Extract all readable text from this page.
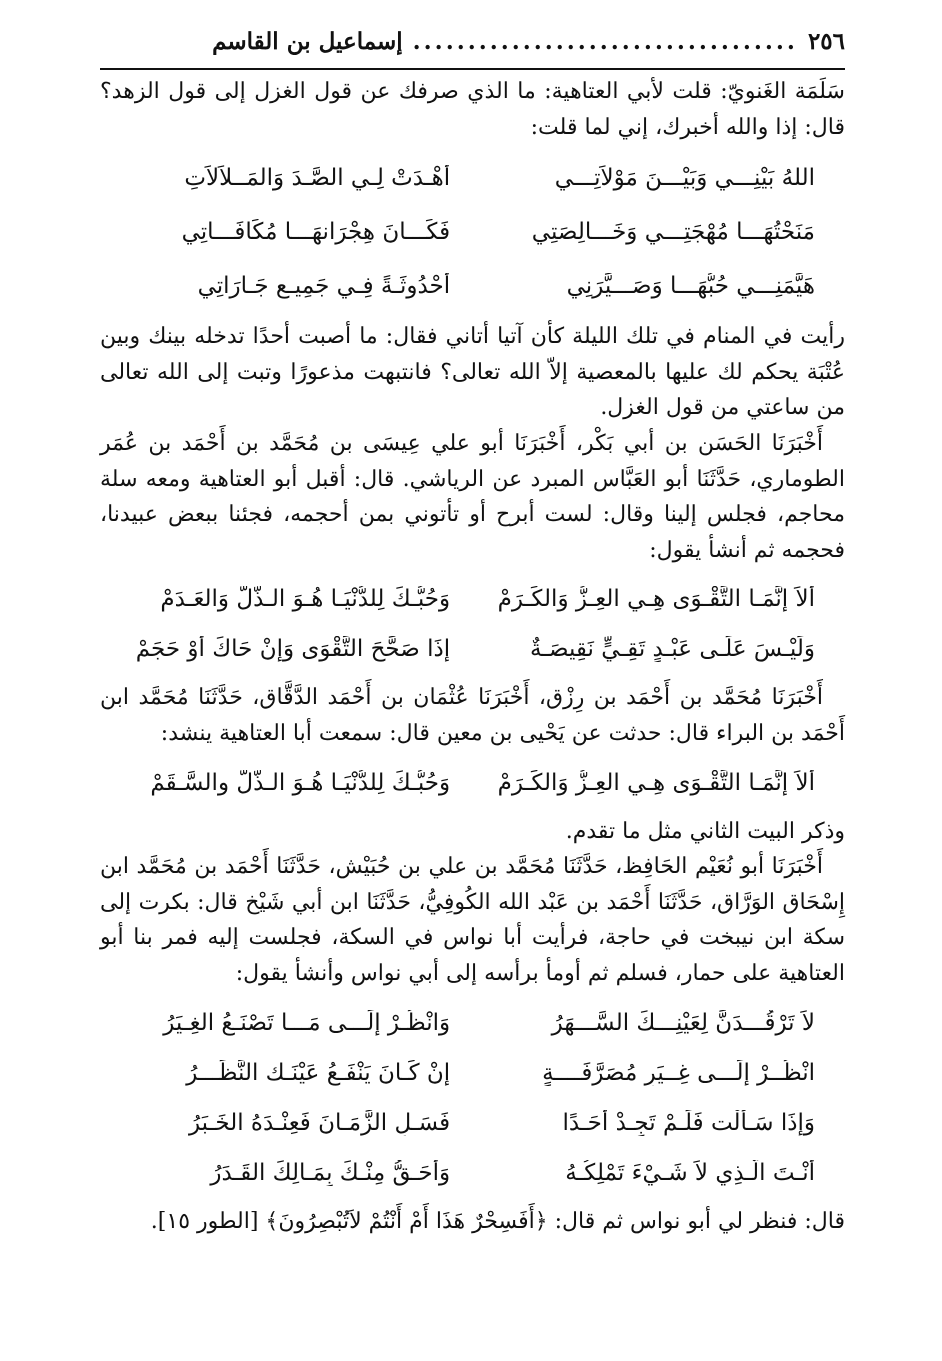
٢٥٦
...................................
إسماعيل بن القاسم

سَلَمَة الغَنويّ: قلت لأبي العتاهية: ما الذي صرفك عن قول الغزل إلى قول الزهد؟ قال: إذا والله أخبرك، إني لما قلت:

اللهُ بَيْنِـــي وَبَيْـــنَ مَوْلاَتِـــي
أَهْـدَتْ لِـي الصَّـدَ وَالمَــلاَلاَتِ
مَنَحْتُهَـــا مُهْجَتِـــي وَخَـــالِصَتِي
فَكَـــانَ هِجْرَانهَـــا مُكَافَـــاتِي
هَيَّمَنِـــي حُبُّهَـــا وَصَـــيَّرَنِي
أُحْدُوثَـةً فِـي جَمِيـعِ جَـارَاتِي

رأيت في المنام في تلك الليلة كأن آتيا أتاني فقال: ما أصبت أحدًا تدخله بينك وبين عُتْبَة يحكم لك عليها بالمعصية إلاّ الله تعالى؟ فانتبهت مذعورًا وتبت إلى الله تعالى من ساعتي من قول الغزل.

أَخْبَرَنَا الحَسَن بن أبي بَكْر، أَخْبَرَنَا أبو علي عِيسَى بن مُحَمَّد بن أَحْمَد بن عُمَر الطوماري، حَدَّثَنَا أبو العَبَّاس المبرد عن الرياشي. قال: أقبل أبو العتاهية ومعه سلة محاجم، فجلس إلينا وقال: لست أبرح أو تأتوني بمن أحجمه، فجئنا ببعض عبيدنا، فحجمه ثم أنشأ يقول:

أَلاَ إِنَّمَـا التَّقْـوَى هِـي العِـزُّ وَالكَـرَمْ
وَحُبُّـكَ لِلدُّنْيَـا هُـوَ الـذُّلُّ وَالعَـدَمْ
وَلَيْـسَ عَلَـى عَبْـدٍ تَقِـيٍّ نَقِيصَـةٌ
إِذَا صَحَّحَ التَّقْوَى وَإِنْ حَاكَ أَوْ حَجَمْ

أَخْبَرَنَا مُحَمَّد بن أَحْمَد بن رِزْق، أَخْبَرَنَا عُثْمَان بن أَحْمَد الدَّقَّاق، حَدَّثَنَا مُحَمَّد ابن أَحْمَد بن البراء قال: حدثت عن يَحْيى بن معين قال: سمعت أبا العتاهية ينشد:

أَلاَ إِنَّمَـا التَّقْـوَى هِـي العِـزُّ وَالكَـرَمْ
وَحُبُّـكَ لِلدُّنْيَـا هُـوَ الـذُّلُّ والسَّـقَمْ

وذكر البيت الثاني مثل ما تقدم.

أَخْبَرَنَا أبو نُعَيْم الحَافِظ، حَدَّثَنَا مُحَمَّد بن علي بن حُبَيْش، حَدَّثَنَا أَحْمَد بن مُحَمَّد ابن إِسْحَاق الوَرَّاق، حَدَّثَنَا أَحْمَد بن عَبْد الله الكُوفِيُّ، حَدَّثَنَا ابن أبي شَيْخ قال: بكرت إلى سكة ابن نيبخت في حاجة، فرأيت أبا نواس في السكة، فجلست إليه فمر بنا أبو العتاهية على حمار، فسلم ثم أومأ برأسه إلى أبي نواس وأنشأ يقول:

لاَ تَرْقُـــدَنَّ لِعَيْنِـــكَ السَّـــهَرُ
وَانْظُـرْ إِلَـــى مَـــا تَصْنَـعُ الغِـيَرُ
انْظُــرْ إِلَـــى غِــيَرٍ مُصَرَّفَــــةٍ
إِنْ كَـانَ يَنْفَـعُ عَيْنَـك النَّظَـــرُ
وَإِذَا سَـأَلْت فَلَـمْ تَجِـدْ أَحَـدًا
فَسَـلِ الزَّمَـانَ فَعِنْـدَهُ الخَـبَرُ
أَنْـتَ الَّـذِي لاَ شَـيْءَ تَمْلِكُـهُ
وَأَحَـقُّ مِنْـكَ بِمَـالِكَ القَـدَرُ

قال: فنظر لي أبو نواس ثم قال: ﴿أَفَسِحْرٌ هَذَا أَمْ أَنْتُمْ لاَتُبْصِرُونَ﴾ [الطور ١٥].
